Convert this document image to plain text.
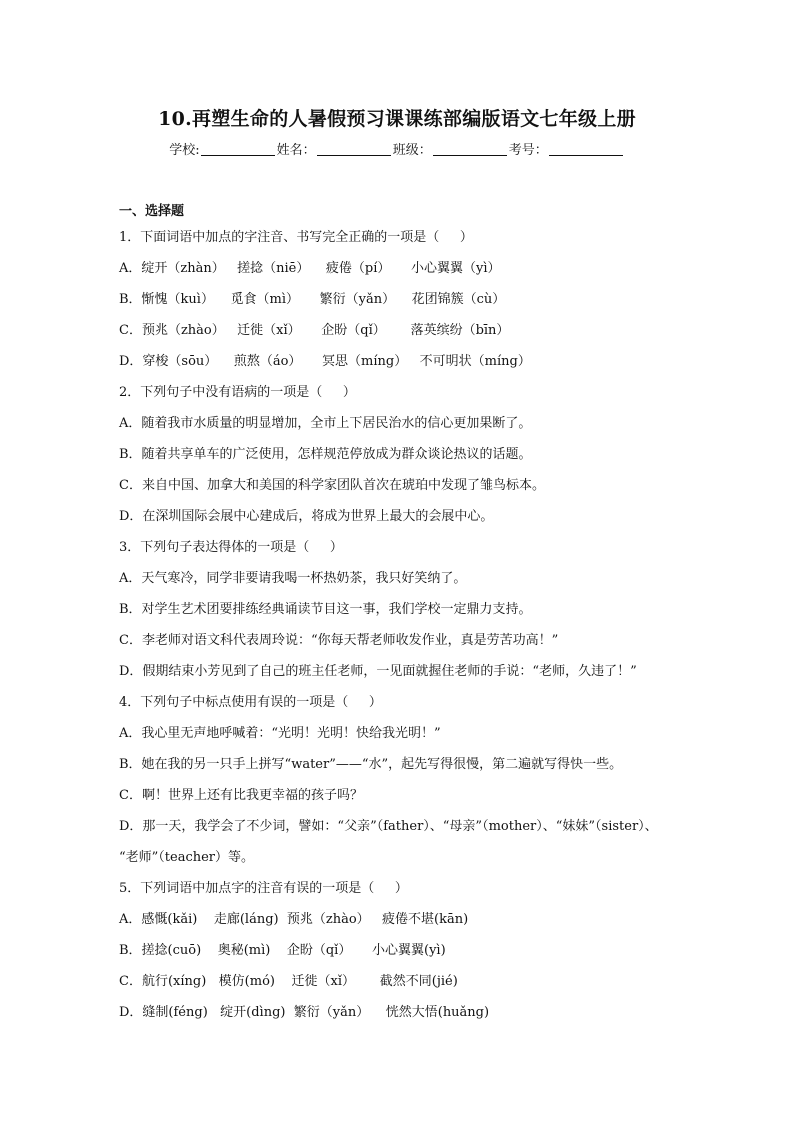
10.再塑生命的人暑假预习课课练部编版语文七年级上册
学校:	姓名：	班级：	考号：
一、选择题
1．下面词语中加点的字注音、书写完全正确的一项是（     ）
A．绽开（zhàn）   搓捻（niē）    疲倦（pí）     小心翼翼（yì）
B．惭愧（kuì）    觅食（mì）     繁衍（yǎn）    花团锦簇（cù）
C．预兆（zhào）   迁徙（xǐ）     企盼（qǐ）      落英缤纷（bīn）
D．穿梭（sōu）    煎熬（áo）     冥思（míng）   不可明状（míng）
2．下列句子中没有语病的一项是（     ）
A．随着我市水质量的明显增加，全市上下居民治水的信心更加果断了。
B．随着共享单车的广泛使用，怎样规范停放成为群众谈论热议的话题。
C．来自中国、加拿大和美国的科学家团队首次在琥珀中发现了雏鸟标本。
D．在深圳国际会展中心建成后，将成为世界上最大的会展中心。
3．下列句子表达得体的一项是（     ）
A．天气寒冷，同学非要请我喝一杯热奶茶，我只好笑纳了。
B．对学生艺术团要排练经典诵读节目这一事，我们学校一定鼎力支持。
C．李老师对语文科代表周玲说：“你每天帮老师收发作业，真是劳苦功高！”
D．假期结束小芳见到了自己的班主任老师，一见面就握住老师的手说：“老师，久违了！”
4．下列句子中标点使用有误的一项是（     ）
A．我心里无声地呼喊着：“光明！光明！快给我光明！”
B．她在我的另一只手上拼写“water”——“水”，起先写得很慢，第二遍就写得快一些。
C．啊！世界上还有比我更幸福的孩子吗？
D．那一天，我学会了不少词，譬如：“父亲”（father）、“母亲”（mother）、“妹妹”（sister）、
“老师”（teacher）等。
5．下列词语中加点字的注音有误的一项是（     ）
A．感慨(kǎi)    走廊(láng)  预兆（zhào）   疲倦不堪(kān)
B．搓捻(cuō)    奥秘(mì)    企盼（qǐ）     小心翼翼(yì)
C．航行(xíng)   模仿(mó)    迁徙（xǐ）      截然不同(jié)
D．缝制(féng)   绽开(dìng)  繁衍（yǎn）    恍然大悟(huǎng)
